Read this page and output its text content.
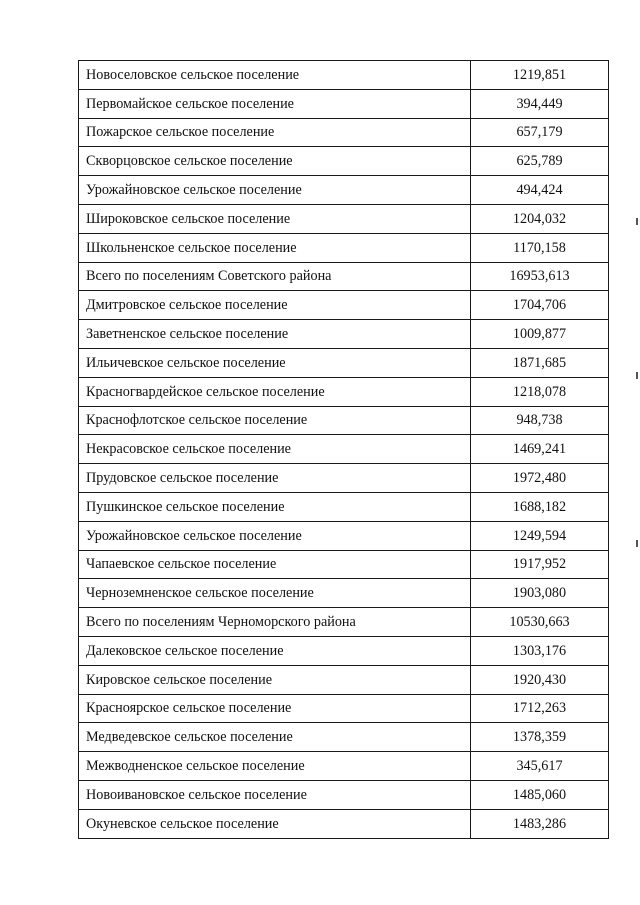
Новоселовское сельское поселение	1219,851
Первомайское сельское поселение	394,449
Пожарское сельское поселение	657,179
Скворцовское сельское поселение	625,789
Урожайновское сельское поселение	494,424
Широковское сельское поселение	1204,032
Школьненское сельское поселение	1170,158
Всего по поселениям Советского района	16953,613
Дмитровское сельское поселение	1704,706
Заветненское сельское поселение	1009,877
Ильичевское сельское поселение	1871,685
Красногвардейское сельское поселение	1218,078
Краснофлотское сельское поселение	948,738
Некрасовское сельское поселение	1469,241
Прудовское сельское поселение	1972,480
Пушкинское сельское поселение	1688,182
Урожайновское сельское поселение	1249,594
Чапаевское сельское поселение	1917,952
Черноземненское сельское поселение	1903,080
Всего по поселениям Черноморского района	10530,663
Далековское сельское поселение	1303,176
Кировское сельское поселение	1920,430
Красноярское сельское поселение	1712,263
Медведевское сельское поселение	1378,359
Межводненское сельское поселение	345,617
Новоивановское сельское поселение	1485,060
Окуневское сельское поселение	1483,286
